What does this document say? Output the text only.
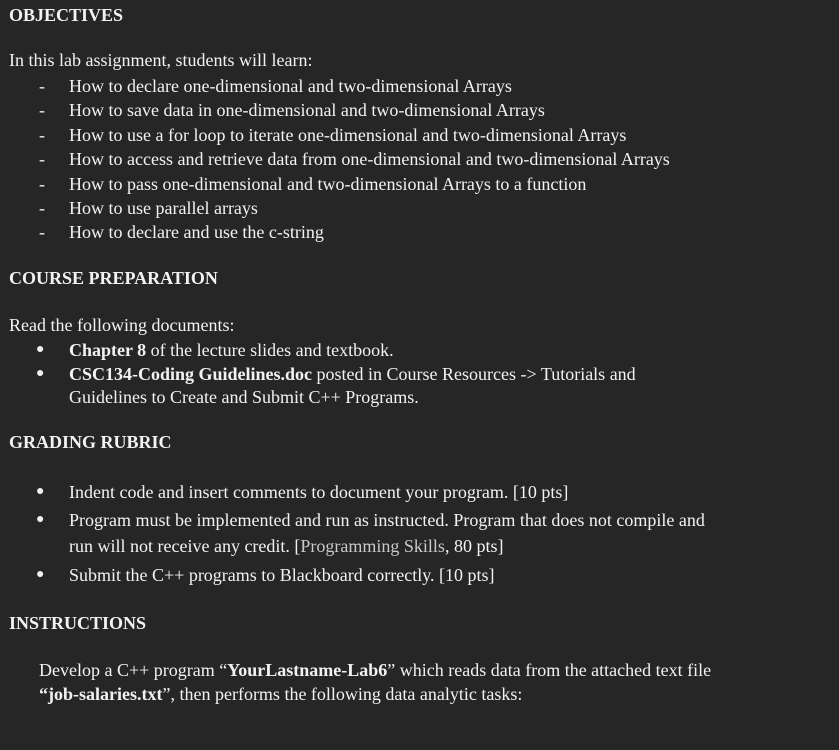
OBJECTIVES
In this lab assignment, students will learn:
- How to declare one-dimensional and two-dimensional Arrays
- How to save data in one-dimensional and two-dimensional Arrays
- How to use a for loop to iterate one-dimensional and two-dimensional Arrays
- How to access and retrieve data from one-dimensional and two-dimensional Arrays
- How to pass one-dimensional and two-dimensional Arrays to a function
- How to use parallel arrays
- How to declare and use the c-string
COURSE PREPARATION
Read the following documents:
● Chapter 8 of the lecture slides and textbook.
● CSC134-Coding Guidelines.doc posted in Course Resources -> Tutorials and
Guidelines to Create and Submit C++ Programs.
GRADING RUBRIC
● Indent code and insert comments to document your program. [10 pts]
● Program must be implemented and run as instructed. Program that does not compile and
run will not receive any credit. [Programming Skills, 80 pts]
● Submit the C++ programs to Blackboard correctly. [10 pts]
INSTRUCTIONS
Develop a C++ program “YourLastname-Lab6” which reads data from the attached text file
“job-salaries.txt”, then performs the following data analytic tasks:
